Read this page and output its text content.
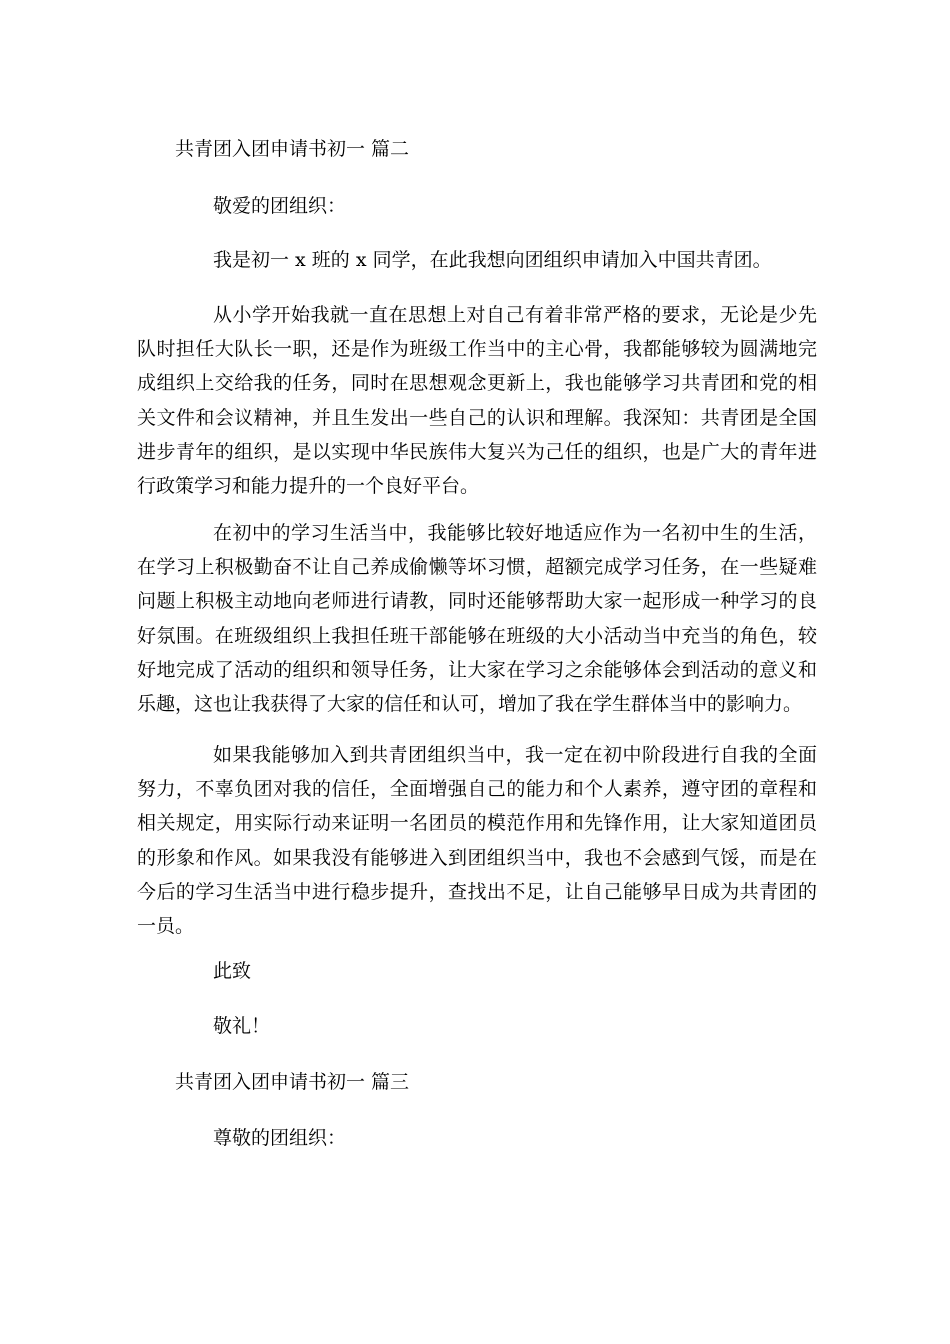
共青团入团申请书初一 篇二

敬爱的团组织：

我是初一 x 班的 x 同学，在此我想向团组织申请加入中国共青团。

从小学开始我就一直在思想上对自己有着非常严格的要求，无论是少先队时担任大队长一职，还是作为班级工作当中的主心骨，我都能够较为圆满地完成组织上交给我的任务，同时在思想观念更新上，我也能够学习共青团和党的相关文件和会议精神，并且生发出一些自己的认识和理解。我深知：共青团是全国进步青年的组织，是以实现中华民族伟大复兴为己任的组织，也是广大的青年进行政策学习和能力提升的一个良好平台。

在初中的学习生活当中，我能够比较好地适应作为一名初中生的生活，在学习上积极勤奋不让自己养成偷懒等坏习惯，超额完成学习任务，在一些疑难问题上积极主动地向老师进行请教，同时还能够帮助大家一起形成一种学习的良好氛围。在班级组织上我担任班干部能够在班级的大小活动当中充当的角色，较好地完成了活动的组织和领导任务，让大家在学习之余能够体会到活动的意义和乐趣，这也让我获得了大家的信任和认可，增加了我在学生群体当中的影响力。

如果我能够加入到共青团组织当中，我一定在初中阶段进行自我的全面努力，不辜负团对我的信任，全面增强自己的能力和个人素养，遵守团的章程和相关规定，用实际行动来证明一名团员的模范作用和先锋作用，让大家知道团员的形象和作风。如果我没有能够进入到团组织当中，我也不会感到气馁，而是在今后的学习生活当中进行稳步提升，查找出不足，让自己能够早日成为共青团的一员。

此致

敬礼！

共青团入团申请书初一 篇三

尊敬的团组织：
